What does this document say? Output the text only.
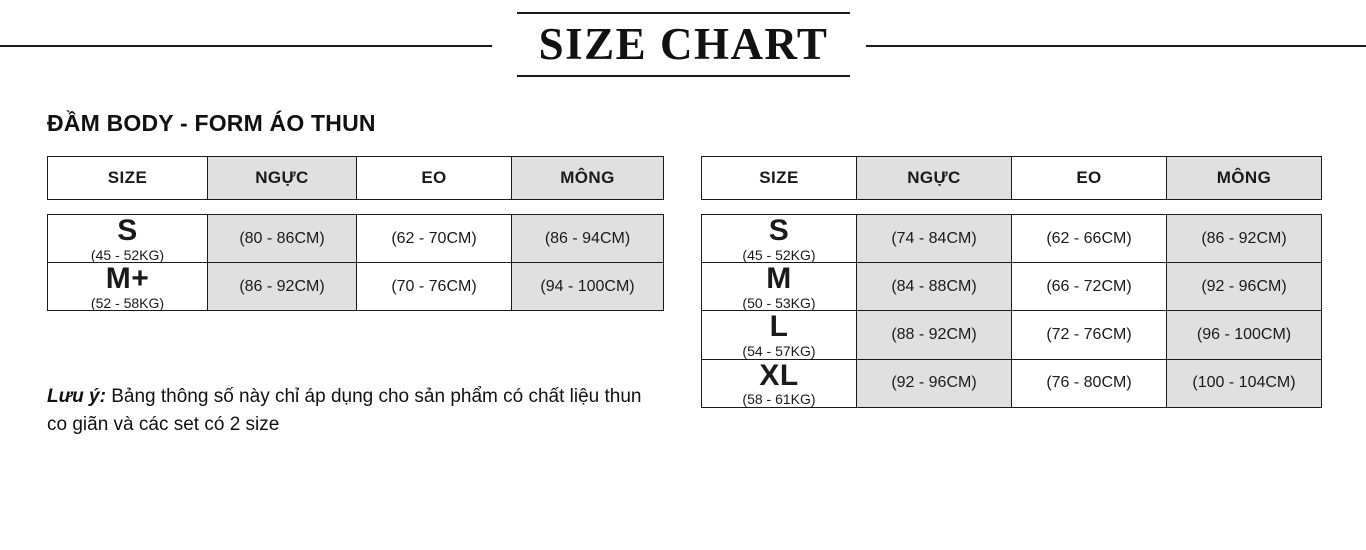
SIZE CHART
ĐẦM BODY - FORM ÁO THUN
SIZE	NGỰC	EO	MÔNG
S
(45 - 52KG)	(80 - 86CM)	(62 - 70CM)	(86 - 94CM)

M+
(52 - 58KG)	(86 - 92CM)	(70 - 76CM)	(94 - 100CM)
SIZE	NGỰC	EO	MÔNG
S
(45 - 52KG)	(74 - 84CM)	(62 - 66CM)	(86 - 92CM)

M
(50 - 53KG)	(84 - 88CM)	(66 - 72CM)	(92 - 96CM)

L
(54 - 57KG)	(88 - 92CM)	(72 - 76CM)	(96 - 100CM)

XL
(58 - 61KG)	(92 - 96CM)	(76 - 80CM)	(100 - 104CM)
Lưu ý: Bảng thông số này chỉ áp dụng cho sản phẩm có chất liệu thun co giãn và các set có 2 size
